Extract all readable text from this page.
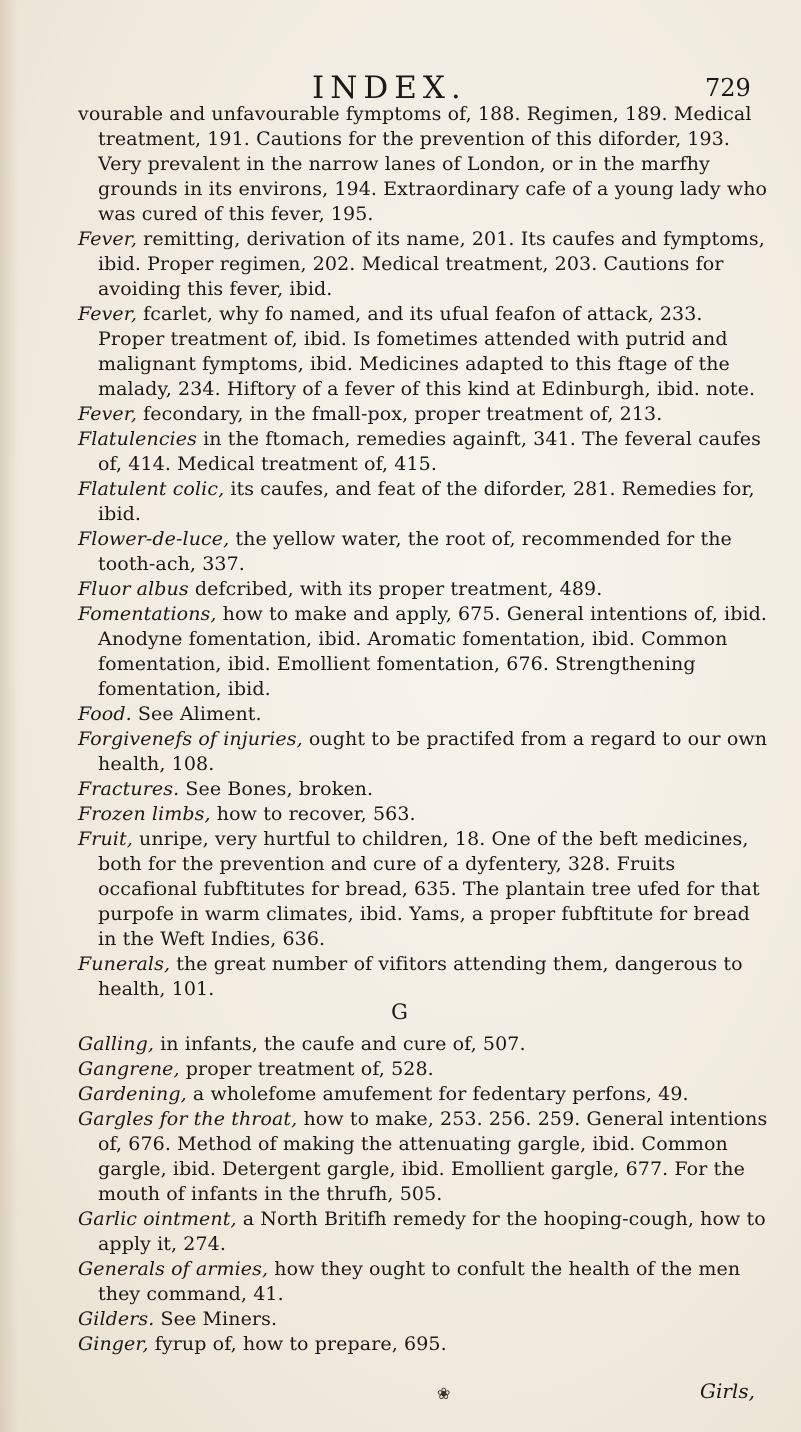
INDEX.	729

vourable and unfavourable fymptoms of, 188. Regimen, 189. Medical treatment, 191. Cautions for the prevention of this diforder, 193. Very prevalent in the narrow lanes of London, or in the marfhy grounds in its environs, 194. Extraordinary cafe of a young lady who was cured of this fever, 195.

Fever, remitting, derivation of its name, 201. Its caufes and fymptoms, ibid. Proper regimen, 202. Medical treatment, 203. Cautions for avoiding this fever, ibid.

Fever, fcarlet, why fo named, and its ufual feafon of attack, 233. Proper treatment of, ibid. Is fometimes attended with putrid and malignant fymptoms, ibid. Medicines adapted to this ftage of the malady, 234. Hiftory of a fever of this kind at Edinburgh, ibid. note.

Fever, fecondary, in the fmall-pox, proper treatment of, 213.

Flatulencies in the ftomach, remedies againft, 341. The feveral caufes of, 414. Medical treatment of, 415.

Flatulent colic, its caufes, and feat of the diforder, 281. Remedies for, ibid.

Flower-de-luce, the yellow water, the root of, recommended for the tooth-ach, 337.

Fluor albus defcribed, with its proper treatment, 489.

Fomentations, how to make and apply, 675. General intentions of, ibid. Anodyne fomentation, ibid. Aromatic fomentation, ibid. Common fomentation, ibid. Emollient fomentation, 676. Strengthening fomentation, ibid.

Food. See Aliment.

Forgivenefs of injuries, ought to be practifed from a regard to our own health, 108.

Fractures. See Bones, broken.

Frozen limbs, how to recover, 563.

Fruit, unripe, very hurtful to children, 18. One of the beft medicines, both for the prevention and cure of a dyfentery, 328. Fruits occafional fubftitutes for bread, 635. The plantain tree ufed for that purpofe in warm climates, ibid. Yams, a proper fubftitute for bread in the Weft Indies, 636.

Funerals, the great number of vifitors attending them, dangerous to health, 101.

G

Galling, in infants, the caufe and cure of, 507.

Gangrene, proper treatment of, 528.

Gardening, a wholefome amufement for fedentary perfons, 49.

Gargles for the throat, how to make, 253. 256. 259. General intentions of, 676. Method of making the attenuating gargle, ibid. Common gargle, ibid. Detergent gargle, ibid. Emollient gargle, 677. For the mouth of infants in the thrufh, 505.

Garlic ointment, a North Britifh remedy for the hooping-cough, how to apply it, 274.

Generals of armies, how they ought to confult the health of the men they command, 41.

Gilders. See Miners.

Ginger, fyrup of, how to prepare, 695.

❀	Girls,
